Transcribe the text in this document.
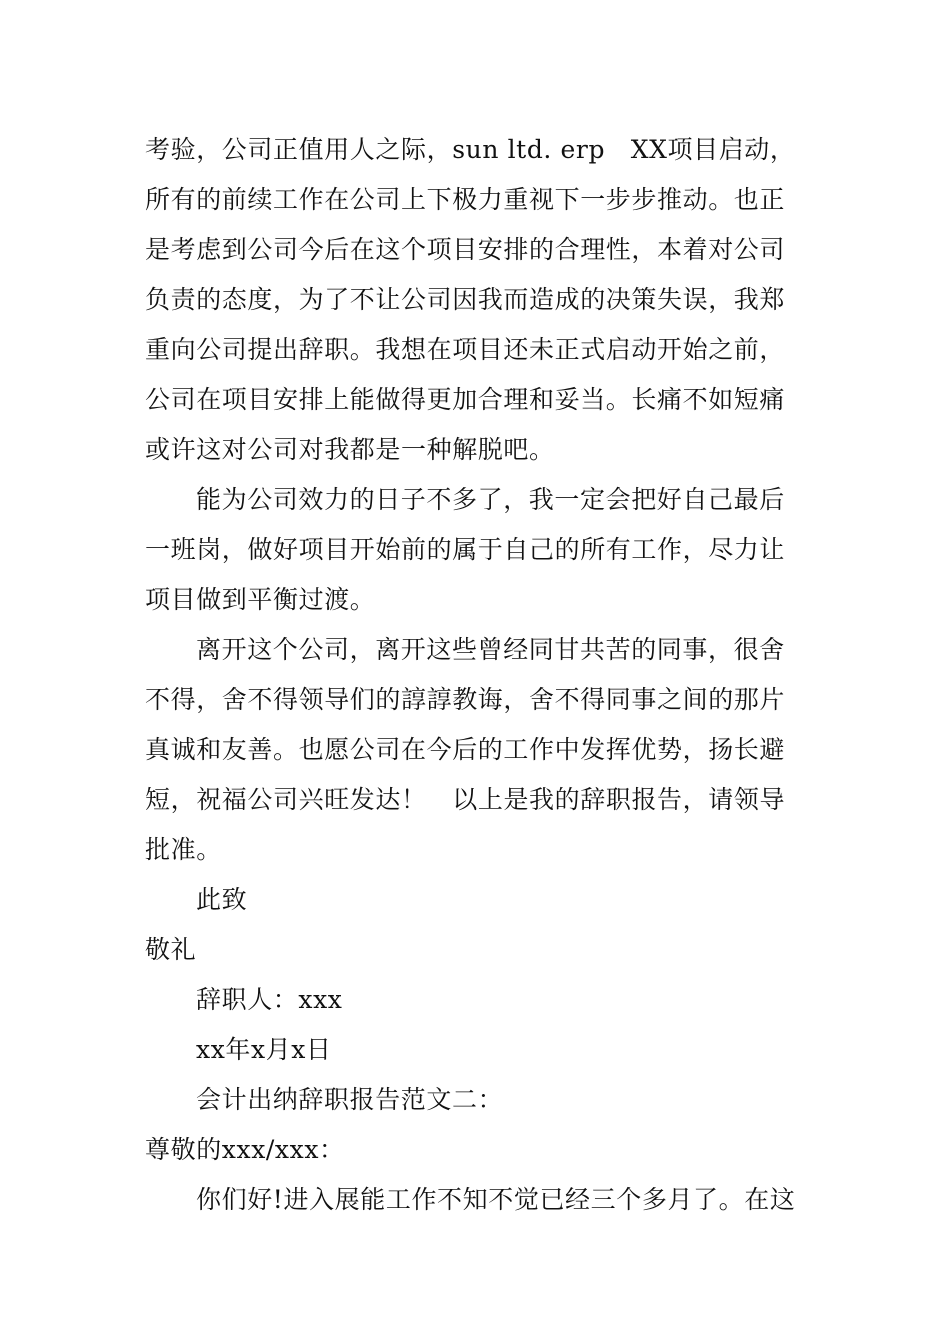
考验，公司正值用人之际，sun ltd. erp   XX项目启动，
所有的前续工作在公司上下极力重视下一步步推动。也正
是考虑到公司今后在这个项目安排的合理性，本着对公司
负责的态度，为了不让公司因我而造成的决策失误，我郑
重向公司提出辞职。我想在项目还未正式启动开始之前，
公司在项目安排上能做得更加合理和妥当。长痛不如短痛
或许这对公司对我都是一种解脱吧。
能为公司效力的日子不多了，我一定会把好自己最后
一班岗，做好项目开始前的属于自己的所有工作，尽力让
项目做到平衡过渡。
离开这个公司，离开这些曾经同甘共苦的同事，很舍
不得，舍不得领导们的諄諄教诲，舍不得同事之间的那片
真诚和友善。也愿公司在今后的工作中发挥优势，扬长避
短，祝福公司兴旺发达！   以上是我的辞职报告，请领导
批准。
此致
敬礼
辞职人：xxx
xx年x月x日
会计出纳辞职报告范文二：
尊敬的xxx/xxx：
你们好!进入展能工作不知不觉已经三个多月了。在这
